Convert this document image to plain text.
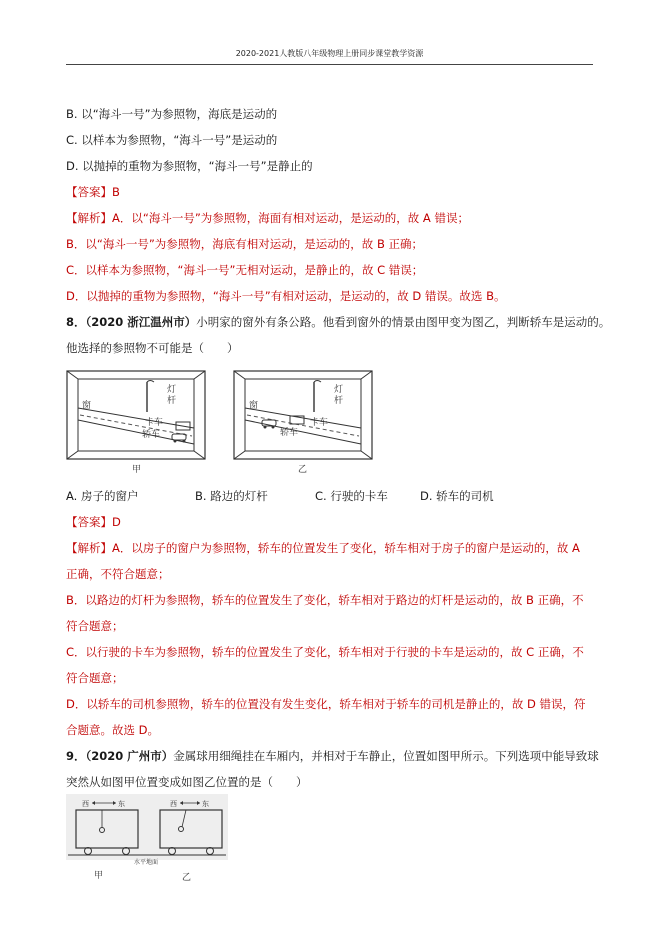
2020-2021人教版八年级物理上册同步课堂教学资源
B. 以“海斗一号”为参照物，海底是运动的
C. 以样本为参照物，“海斗一号”是运动的
D. 以抛掉的重物为参照物，“海斗一号”是静止的
【答案】B
【解析】A．以“海斗一号”为参照物，海面有相对运动，是运动的，故 A 错误；
B．以“海斗一号”为参照物，海底有相对运动，是运动的，故 B 正确；
C．以样本为参照物，“海斗一号”无相对运动，是静止的，故 C 错误；
D．以抛掉的重物为参照物，“海斗一号”有相对运动，是运动的，故 D 错误。故选 B。
8．（2020 浙江温州市）小明家的窗外有条公路。他看到窗外的情景由图甲变为图乙，判断轿车是运动的。
他选择的参照物不可能是（　　）
窗
灯
杆
卡车
轿车
甲
窗
灯
杆
卡车
轿车
乙
A. 房子的窗户	B. 路边的灯杆	C. 行驶的卡车	D. 轿车的司机
【答案】D
【解析】A．以房子的窗户为参照物，轿车的位置发生了变化，轿车相对于房子的窗户是运动的，故 A
正确，不符合题意；
B．以路边的灯杆为参照物，轿车的位置发生了变化，轿车相对于路边的灯杆是运动的，故 B 正确，不
符合题意；
C．以行驶的卡车为参照物，轿车的位置发生了变化，轿车相对于行驶的卡车是运动的，故 C 正确，不
符合题意；
D．以轿车的司机参照物，轿车的位置没有发生变化，轿车相对于轿车的司机是静止的，故 D 错误，符
合题意。故选 D。
9．（2020 广州市）金属球用细绳挂在车厢内，并相对于车静止，位置如图甲所示。下列选项中能导致球
突然从如图甲位置变成如图乙位置的是（　　）
西	东	西	东
水平地面
甲	乙
